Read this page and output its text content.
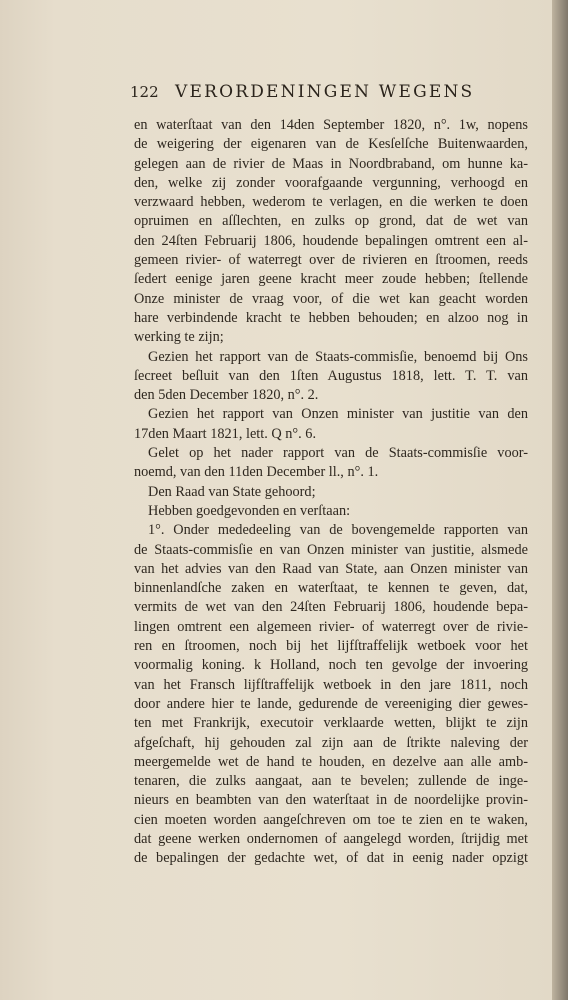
122 VERORDENINGEN WEGENS
en waterſtaat van den 14den September 1820, n°. 1w, nopens
de weigering der eigenaren van de Kesſelſche Buitenwaarden,
gelegen aan de rivier de Maas in Noordbraband, om hunne ka-
den, welke zij zonder voorafgaande vergunning, verhoogd en
verzwaard hebben, wederom te verlagen, en die werken te doen
opruimen en aſſlechten, en zulks op grond, dat de wet van
den 24ſten Februarij 1806, houdende bepalingen omtrent een al-
gemeen rivier- of waterregt over de rivieren en ſtroomen, reeds
ſedert eenige jaren geene kracht meer zoude hebben; ſtellende
Onze minister de vraag voor, of die wet kan geacht worden
hare verbindende kracht te hebben behouden; en alzoo nog in
werking te zijn;
Gezien het rapport van de Staats-commisſie, benoemd bij Ons
ſecreet beſluit van den 1ſten Augustus 1818, lett. T. T. van
den 5den December 1820, n°. 2.
Gezien het rapport van Onzen minister van justitie van den
17den Maart 1821, lett. Q n°. 6.
Gelet op het nader rapport van de Staats-commisſie voor-
noemd, van den 11den December ll., n°. 1.
Den Raad van State gehoord;
Hebben goedgevonden en verſtaan:
1°. Onder mededeeling van de bovengemelde rapporten van
de Staats-commisſie en van Onzen minister van justitie, alsmede
van het advies van den Raad van State, aan Onzen minister van
binnenlandſche zaken en waterſtaat, te kennen te geven, dat,
vermits de wet van den 24ſten Februarij 1806, houdende bepa-
lingen omtrent een algemeen rivier- of waterregt over de rivie-
ren en ſtroomen, noch bij het lijfſtraffelijk wetboek voor het
voormalig koning. k Holland, noch ten gevolge der invoering
van het Fransch lijfſtraffelijk wetboek in den jare 1811, noch
door andere hier te lande, gedurende de vereeniging dier gewes-
ten met Frankrijk, executoir verklaarde wetten, blijkt te zijn
afgeſchaft, hij gehouden zal zijn aan de ſtrikte naleving der
meergemelde wet de hand te houden, en dezelve aan alle amb-
tenaren, die zulks aangaat, aan te bevelen; zullende de inge-
nieurs en beambten van den waterſtaat in de noordelijke provin-
cien moeten worden aangeſchreven om toe te zien en te waken,
dat geene werken ondernomen of aangelegd worden, ſtrijdig met
de bepalingen der gedachte wet, of dat in eenig nader opzigt
